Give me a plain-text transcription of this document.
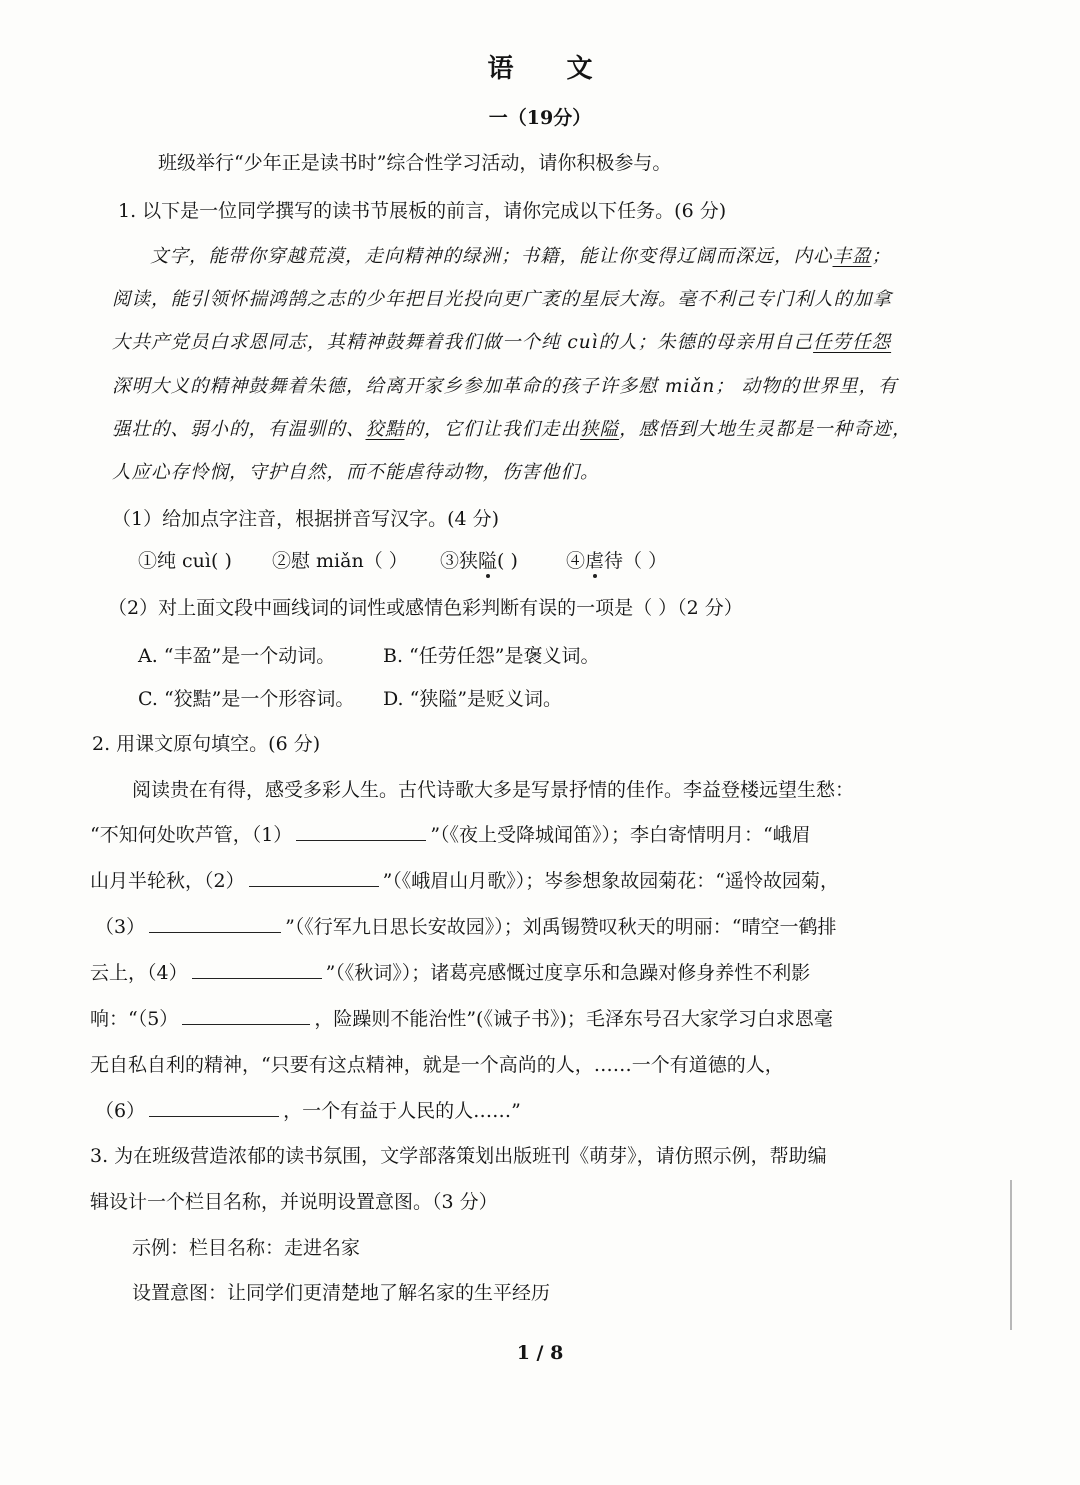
语 文
一（19分）
班级举行“少年正是读书时”综合性学习活动，请你积极参与。
1. 以下是一位同学撰写的读书节展板的前言，请你完成以下任务。(6 分)
文字，能带你穿越荒漠，走向精神的绿洲；书籍，能让你变得辽阔而深远，内心丰盈；
阅读，能引领怀揣鸿鹄之志的少年把目光投向更广袤的星辰大海。毫不利己专门利人的加拿
大共产党员白求恩同志，其精神鼓舞着我们做一个纯 cuì的人；朱德的母亲用自己任劳任怨
深明大义的精神鼓舞着朱德，给离开家乡参加革命的孩子许多慰 miǎn； 动物的世界里，有
强壮的、弱小的，有温驯的、狡黠的，它们让我们走出狭隘，感悟到大地生灵都是一种奇迹，
人应心存怜悯，守护自然，而不能虐待动物，伤害他们。
（1）给加点字注音，根据拼音写汉字。(4 分)
①纯 cuì( ) ②慰 miǎn（ ） ③狭隘( )	④虐待（ ）
（2）对上面文段中画线词的词性或感情色彩判断有误的一项是（ ）（2 分）
A. “丰盈”是一个动词。	B. “任劳任怨”是褒义词。
C. “狡黠”是一个形容词。 D. “狭隘”是贬义词。
2. 用课文原句填空。(6 分)
阅读贵在有得，感受多彩人生。古代诗歌大多是写景抒情的佳作。李益登楼远望生愁：
“不知何处吹芦管，（1）	”（《夜上受降城闻笛》）；李白寄情明月：“峨眉
山月半轮秋，（2）	”（《峨眉山月歌》）；岑参想象故园菊花：“遥怜故园菊，
（3）	”（《行军九日思长安故园》）；刘禹锡赞叹秋天的明丽：“晴空一鹤排
云上，（4）	”（《秋词》）；诸葛亮感慨过度享乐和急躁对修身养性不利影
响：“（5）	，险躁则不能治性”(《诫子书》)；毛泽东号召大家学习白求恩毫
无自私自利的精神，“只要有这点精神，就是一个高尚的人，……一个有道德的人，
（6）	，一个有益于人民的人……”
3. 为在班级营造浓郁的读书氛围，文学部落策划出版班刊《萌芽》，请仿照示例，帮助编
辑设计一个栏目名称，并说明设置意图。（3 分）
示例：栏目名称：走进名家
设置意图：让同学们更清楚地了解名家的生平经历
1 / 8
